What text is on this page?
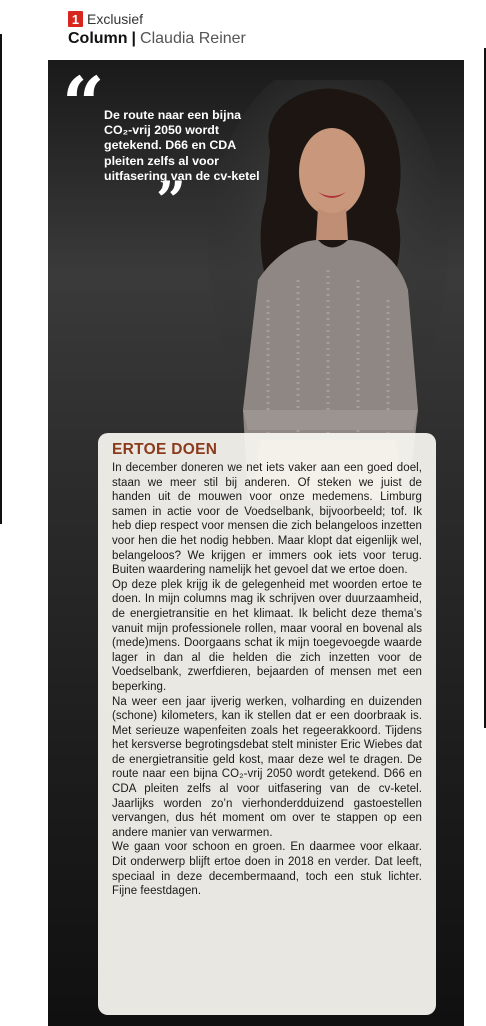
1 Exclusief
Column | Claudia Reiner
“ De route naar een bijna CO₂-vrij 2050 wordt getekend. D66 en CDA pleiten zelfs al voor uitfasering van de cv-ketel
”
ERTOE DOEN

In december doneren we net iets vaker aan een goed doel, staan we meer stil bij anderen. Of steken we juist de handen uit de mouwen voor onze medemens. Limburg samen in actie voor de Voedselbank, bijvoorbeeld; tof. Ik heb diep respect voor mensen die zich belangeloos inzetten voor hen die het nodig hebben. Maar klopt dat eigenlijk wel, belangeloos? We krijgen er immers ook iets voor terug. Buiten waardering namelijk het gevoel dat we ertoe doen.

Op deze plek krijg ik de gelegenheid met woorden ertoe te doen. In mijn columns mag ik schrijven over duurzaamheid, de energietransitie en het klimaat. Ik belicht deze thema’s vanuit mijn professionele rollen, maar vooral en bovenal als (mede)mens. Doorgaans schat ik mijn toegevoegde waarde lager in dan al die helden die zich inzetten voor de Voedselbank, zwerfdieren, bejaarden of mensen met een beperking.

Na weer een jaar ijverig werken, volharding en duizenden (schone) kilometers, kan ik stellen dat er een doorbraak is. Met serieuze wapenfeiten zoals het regeerakkoord. Tijdens het kersverse begrotingsdebat stelt minister Eric Wiebes dat de energietransitie geld kost, maar deze wel te dragen. De route naar een bijna CO₂-vrij 2050 wordt getekend. D66 en CDA pleiten zelfs al voor uitfasering van de cv-ketel. Jaarlijks worden zo’n vierhonderdduizend gastoestellen vervangen, dus hét moment om over te stappen op een andere manier van verwarmen.

We gaan voor schoon en groen. En daarmee voor elkaar. Dit onderwerp blijft ertoe doen in 2018 en verder. Dat leeft, speciaal in deze decembermaand, toch een stuk lichter. Fijne feestdagen.
